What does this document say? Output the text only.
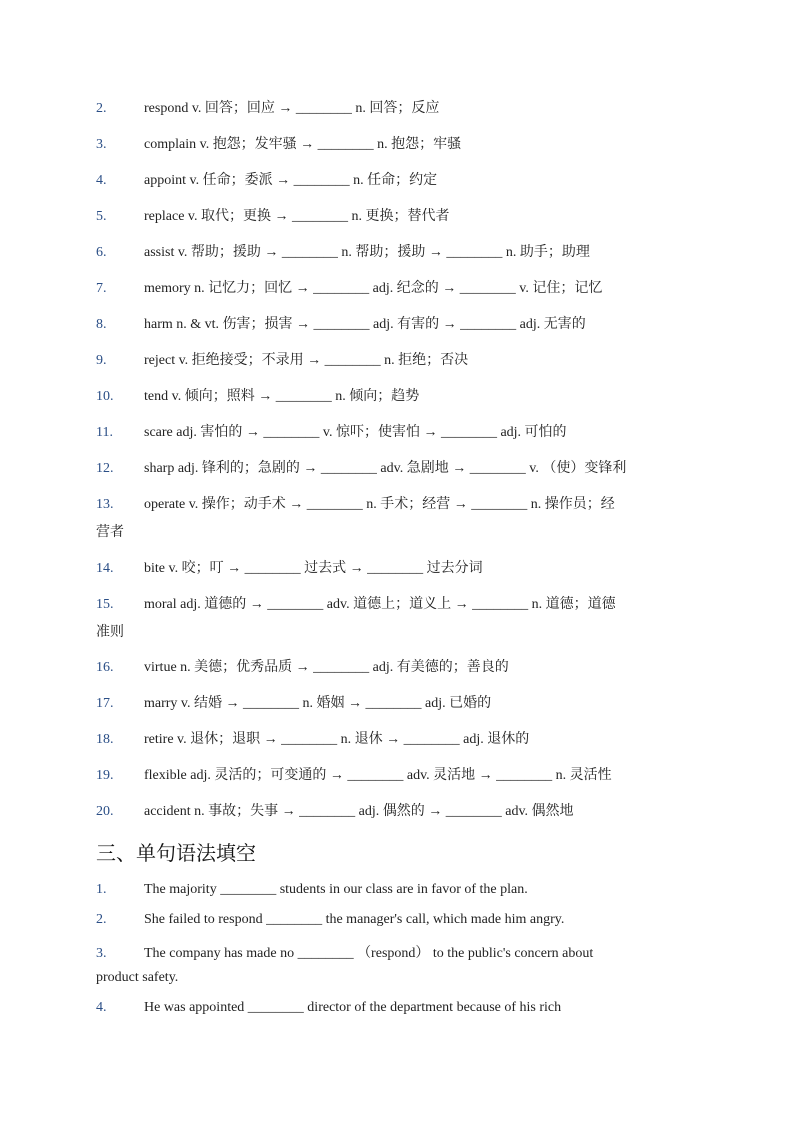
2.	respond v. 回答；回应 → ________ n. 回答；反应
3.	complain v. 抱怨；发牢骚 → ________ n. 抱怨；牢骚
4.	appoint v. 任命；委派 → ________ n. 任命；约定
5.	replace v. 取代；更换 → ________ n. 更换；替代者
6.	assist v. 帮助；援助 → ________ n. 帮助；援助 → ________ n. 助手；助理
7.	memory n. 记忆力；回忆 → ________ adj. 纪念的 → ________ v. 记住；记忆
8.	harm n. & vt. 伤害；损害 → ________ adj. 有害的 → ________ adj. 无害的
9.	reject v. 拒绝接受；不录用 → ________ n. 拒绝；否决
10. tend v. 倾向；照料 → ________ n. 倾向；趋势
11. scare adj. 害怕的 → ________ v. 惊吓；使害怕 → ________ adj. 可怕的
12. sharp adj. 锋利的；急剧的 → ________ adv. 急剧地 → ________ v. （使）变锋利
13. operate v. 操作；动手术 → ________ n. 手术；经营 → ________ n. 操作员；经
营者
14. bite v. 咬；叮 → ________ 过去式 → ________ 过去分词
15. moral adj. 道德的 → ________ adv. 道德上；道义上 → ________ n. 道德；道德
准则
16. virtue n. 美德；优秀品质 → ________ adj. 有美德的；善良的
17. marry v. 结婚 → ________ n. 婚姻 → ________ adj. 已婚的
18. retire v. 退休；退职 → ________ n. 退休 → ________ adj. 退休的
19. flexible adj. 灵活的；可变通的 → ________ adv. 灵活地 → ________ n. 灵活性
20. accident n. 事故；失事 → ________ adj. 偶然的 → ________ adv. 偶然地
三、单句语法填空
1.	The majority ________ students in our class are in favor of the plan.
2.	She failed to respond ________ the manager's call, which made him angry.
3.	The company has made no ________ （respond） to the public's concern about
product safety.
4.	He was appointed ________ director of the department because of his rich
